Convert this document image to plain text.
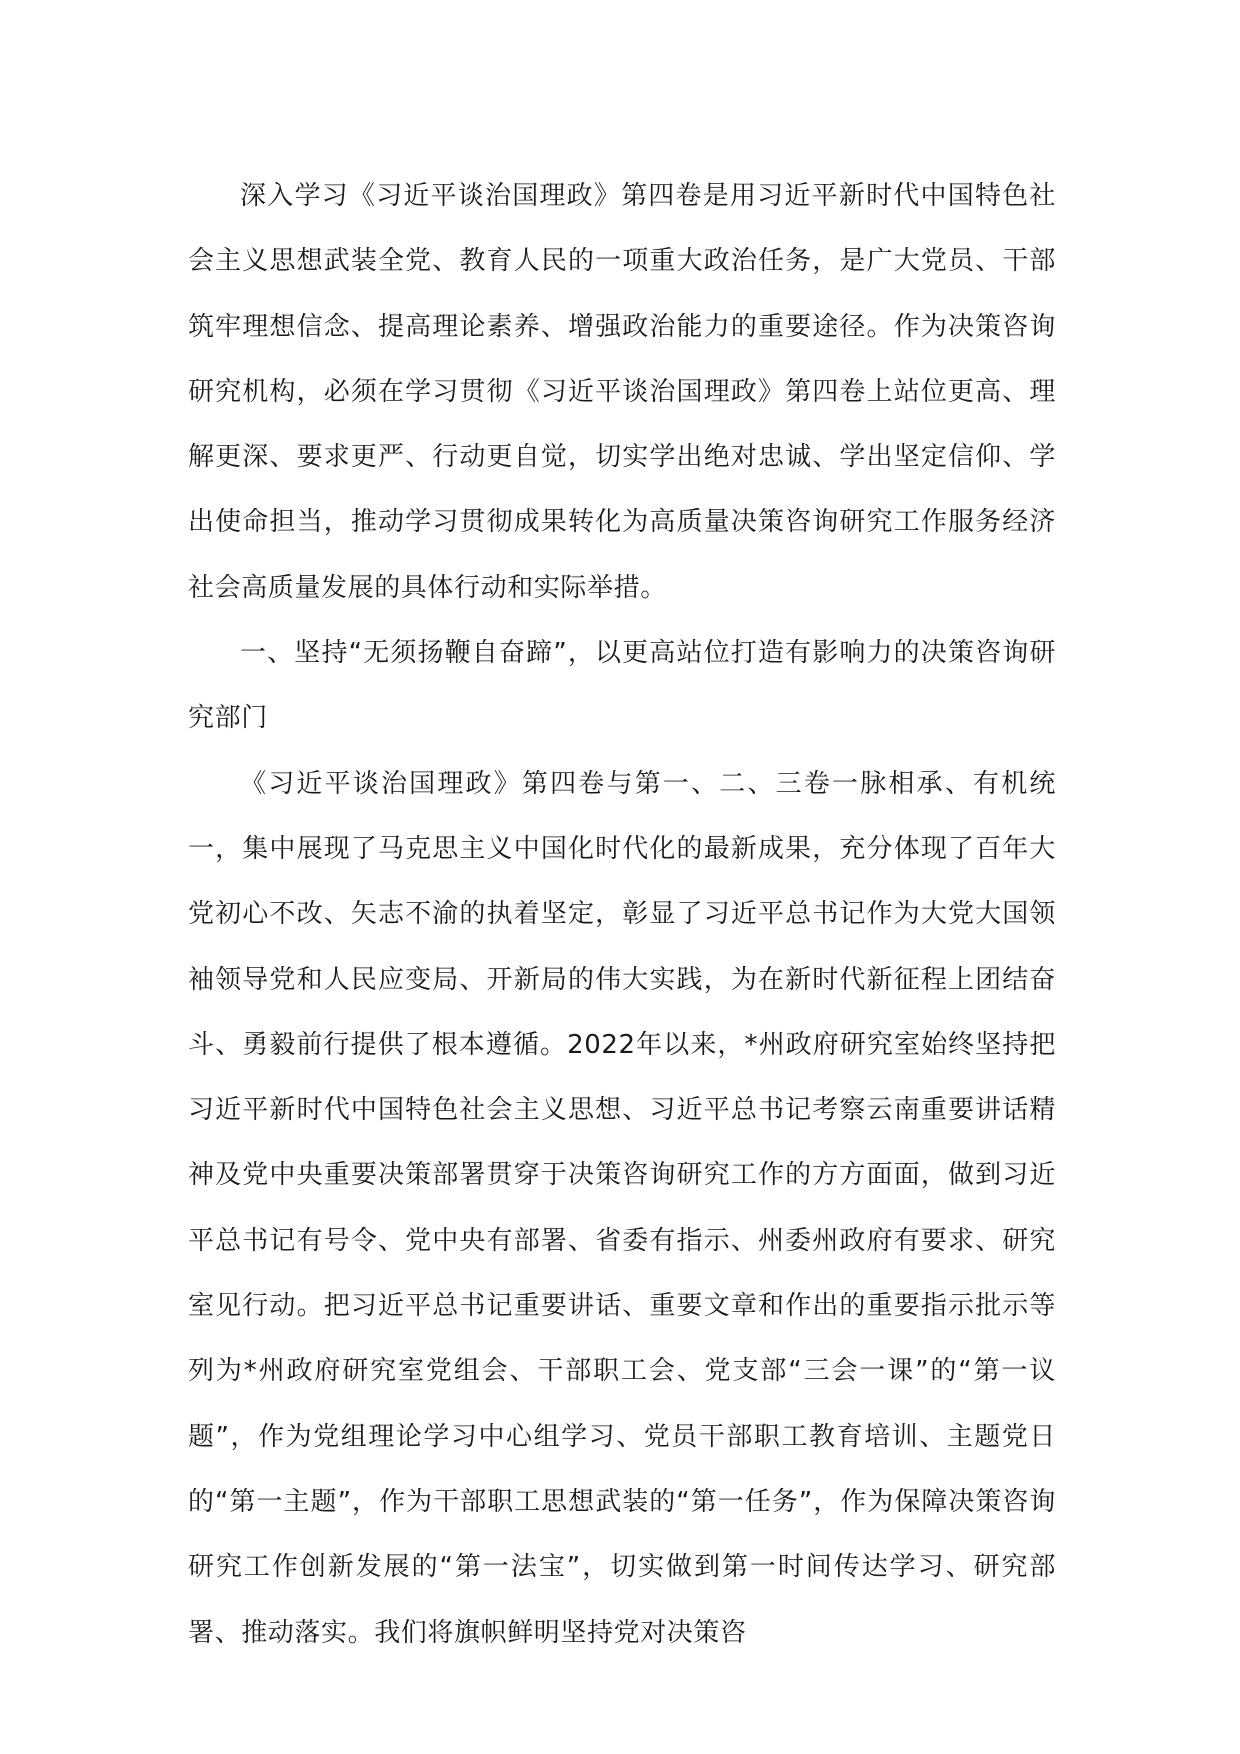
深入学习《习近平谈治国理政》第四卷是用习近平新时代中国特色社会主义思想武装全党、教育人民的一项重大政治任务，是广大党员、干部筑牢理想信念、提高理论素养、增强政治能力的重要途径。作为决策咨询研究机构，必须在学习贯彻《习近平谈治国理政》第四卷上站位更高、理解更深、要求更严、行动更自觉，切实学出绝对忠诚、学出坚定信仰、学出使命担当，推动学习贯彻成果转化为高质量决策咨询研究工作服务经济社会高质量发展的具体行动和实际举措。

一、坚持“无须扬鞭自奋蹄”，以更高站位打造有影响力的决策咨询研究部门

《习近平谈治国理政》第四卷与第一、二、三卷一脉相承、有机统一，集中展现了马克思主义中国化时代化的最新成果，充分体现了百年大党初心不改、矢志不渝的执着坚定，彰显了习近平总书记作为大党大国领袖领导党和人民应变局、开新局的伟大实践，为在新时代新征程上团结奋斗、勇毅前行提供了根本遵循。2022年以来，*州政府研究室始终坚持把习近平新时代中国特色社会主义思想、习近平总书记考察云南重要讲话精神及党中央重要决策部署贯穿于决策咨询研究工作的方方面面，做到习近平总书记有号令、党中央有部署、省委有指示、州委州政府有要求、研究室见行动。把习近平总书记重要讲话、重要文章和作出的重要指示批示等列为*州政府研究室党组会、干部职工会、党支部“三会一课”的“第一议题”，作为党组理论学习中心组学习、党员干部职工教育培训、主题党日的“第一主题”，作为干部职工思想武装的“第一任务”，作为保障决策咨询研究工作创新发展的“第一法宝”，切实做到第一时间传达学习、研究部署、推动落实。我们将旗帜鲜明坚持党对决策咨
